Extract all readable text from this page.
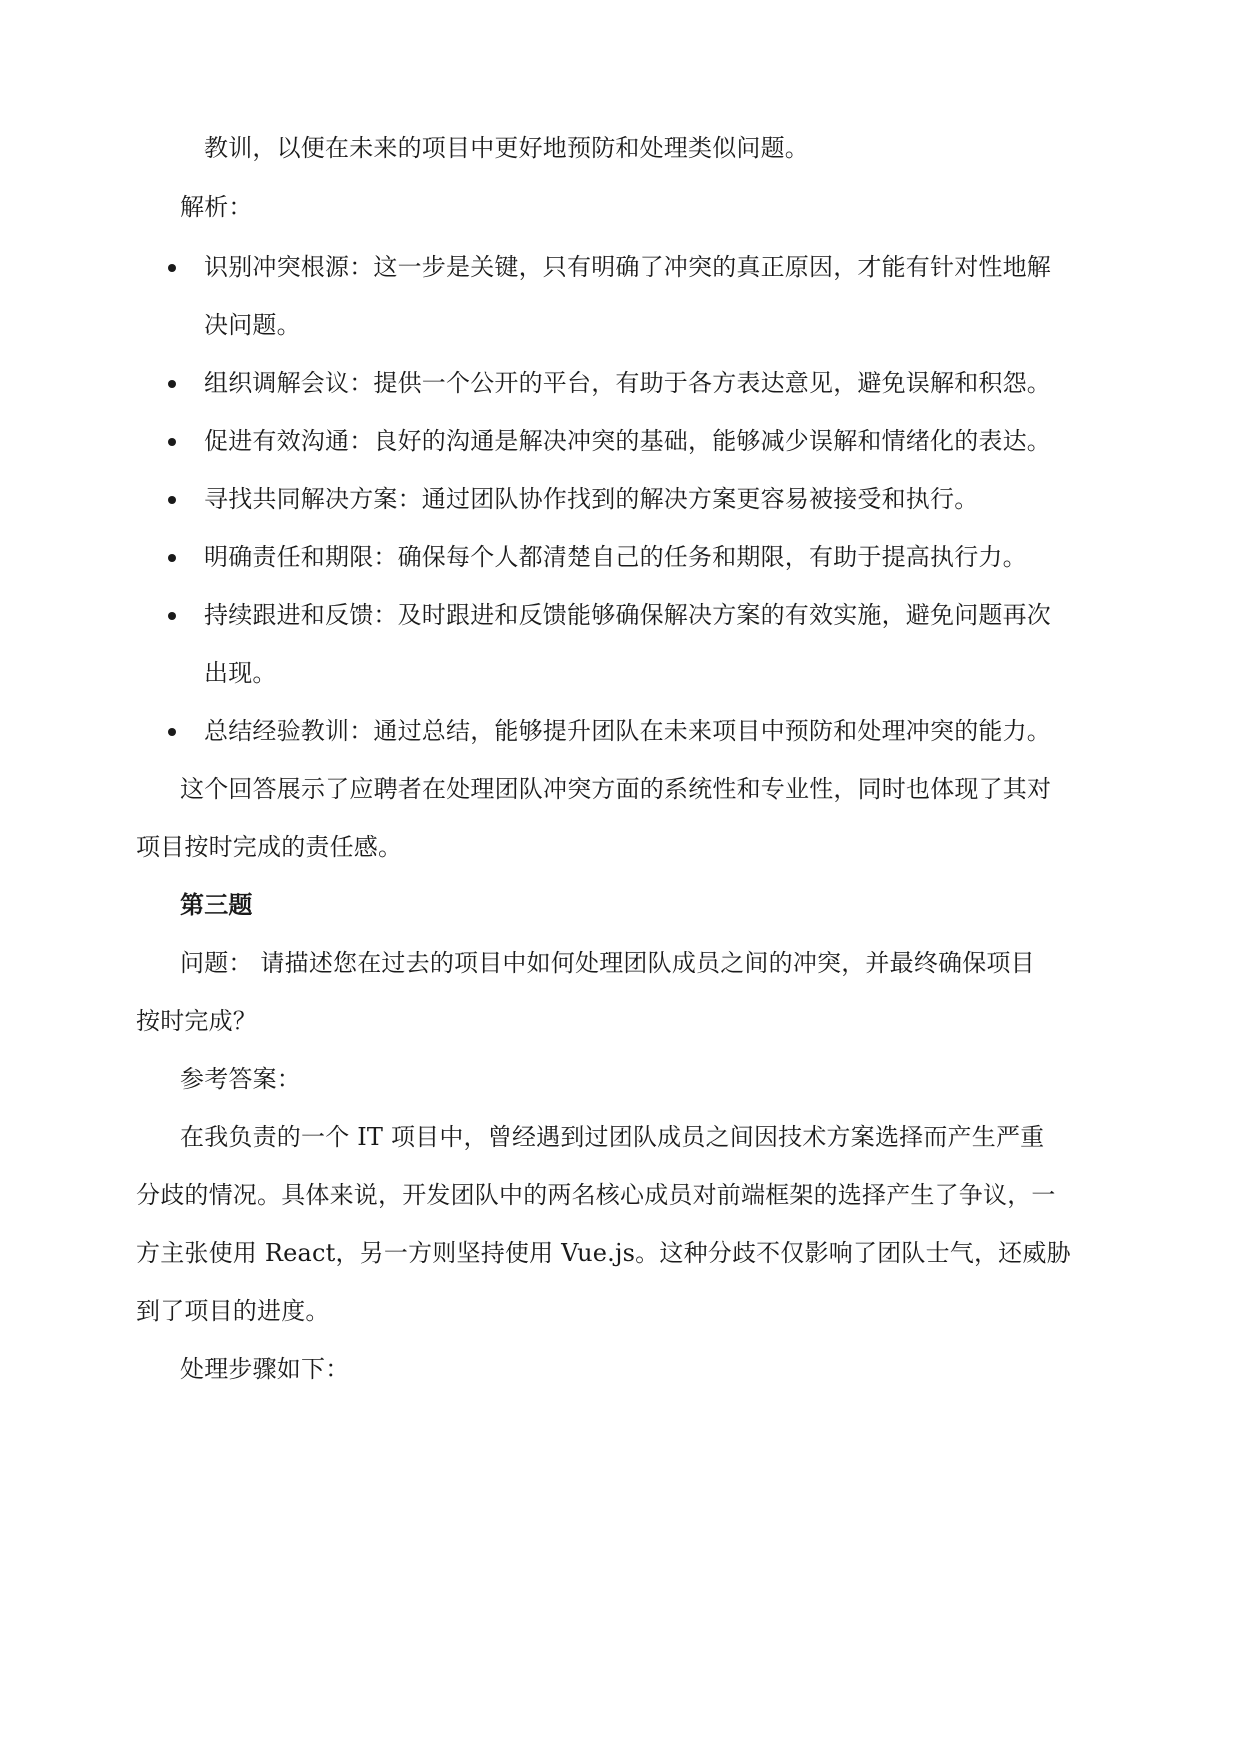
教训，以便在未来的项目中更好地预防和处理类似问题。
解析：
识别冲突根源：这一步是关键，只有明确了冲突的真正原因，才能有针对性地解
决问题。
组织调解会议：提供一个公开的平台，有助于各方表达意见，避免误解和积怨。
促进有效沟通：良好的沟通是解决冲突的基础，能够减少误解和情绪化的表达。
寻找共同解决方案：通过团队协作找到的解决方案更容易被接受和执行。
明确责任和期限：确保每个人都清楚自己的任务和期限，有助于提高执行力。
持续跟进和反馈：及时跟进和反馈能够确保解决方案的有效实施，避免问题再次
出现。
总结经验教训：通过总结，能够提升团队在未来项目中预防和处理冲突的能力。
这个回答展示了应聘者在处理团队冲突方面的系统性和专业性，同时也体现了其对
项目按时完成的责任感。
第三题
问题： 请描述您在过去的项目中如何处理团队成员之间的冲突，并最终确保项目
按时完成？
参考答案：
在我负责的一个 IT 项目中，曾经遇到过团队成员之间因技术方案选择而产生严重
分歧的情况。具体来说，开发团队中的两名核心成员对前端框架的选择产生了争议，一
方主张使用 React，另一方则坚持使用 Vue.js。这种分歧不仅影响了团队士气，还威胁
到了项目的进度。
处理步骤如下：
